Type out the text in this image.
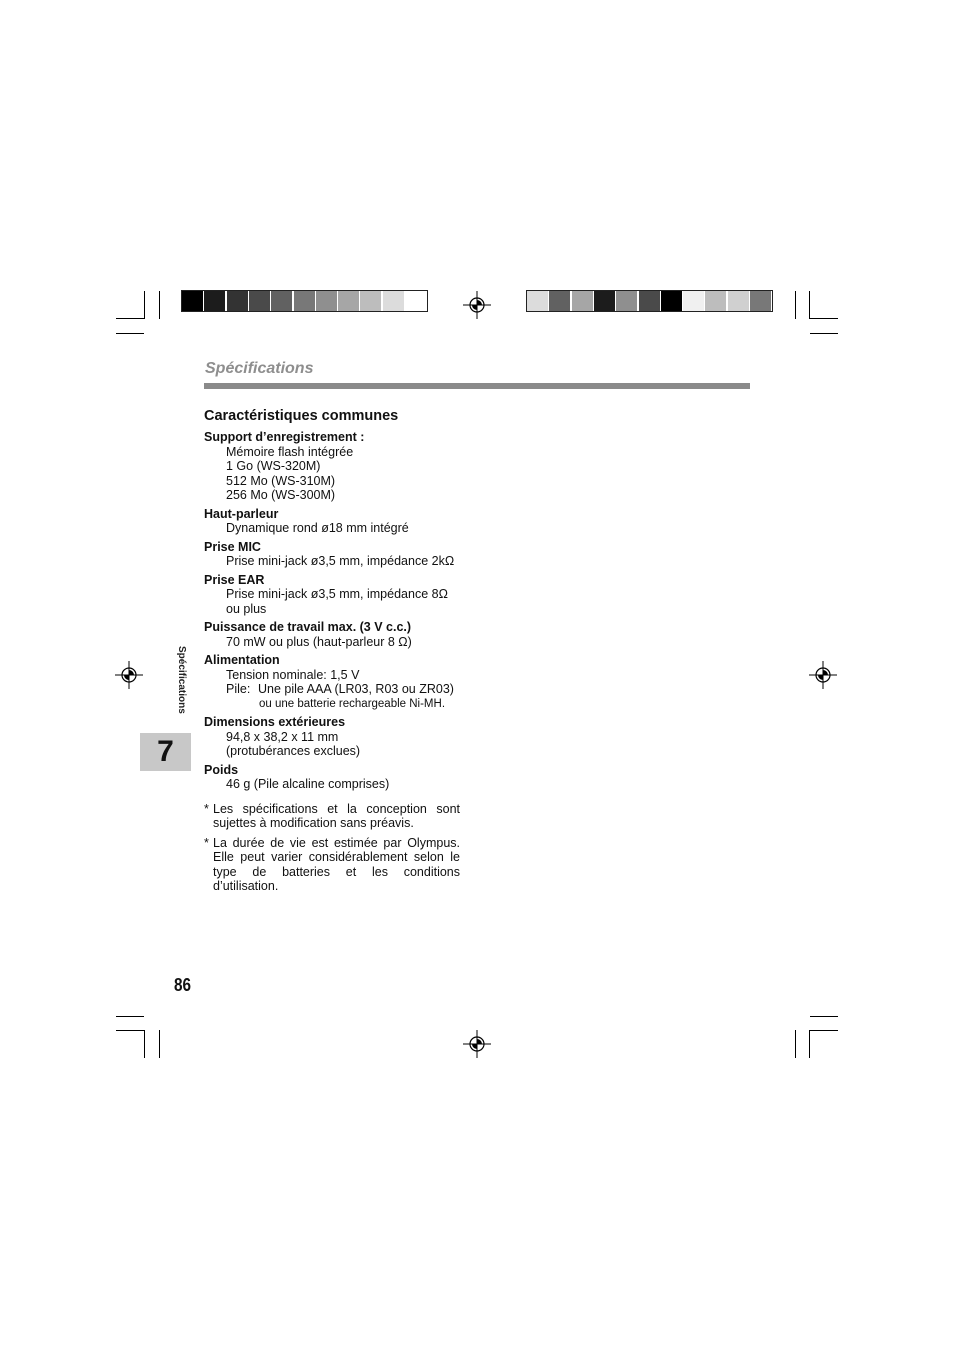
Spécifications
Caractéristiques communes
Support d’enregistrement :
Mémoire flash intégrée
1 Go (WS-320M)
512 Mo (WS-310M)
256 Mo (WS-300M)
Haut-parleur
Dynamique rond ø18 mm intégré
Prise MIC
Prise mini-jack ø3,5 mm, impédance 2kΩ
Prise EAR
Prise mini-jack ø3,5 mm, impédance 8Ω
ou plus
Puissance de travail max. (3 V c.c.)
70 mW ou plus (haut-parleur 8 Ω)
Alimentation
Tension nominale: 1,5 V
Pile: Une pile AAA (LR03, R03 ou ZR03)
ou une batterie rechargeable Ni-MH.
Dimensions extérieures
94,8 x 38,2 x 11 mm
(protubérances exclues)
Poids
46 g (Pile alcaline comprises)
* Les spécifications et la conception sont sujettes à modification sans préavis.
* La durée de vie est estimée par Olympus. Elle peut varier considérablement selon le type de batteries et les conditions d’utilisation.
Spécifications
7
86
